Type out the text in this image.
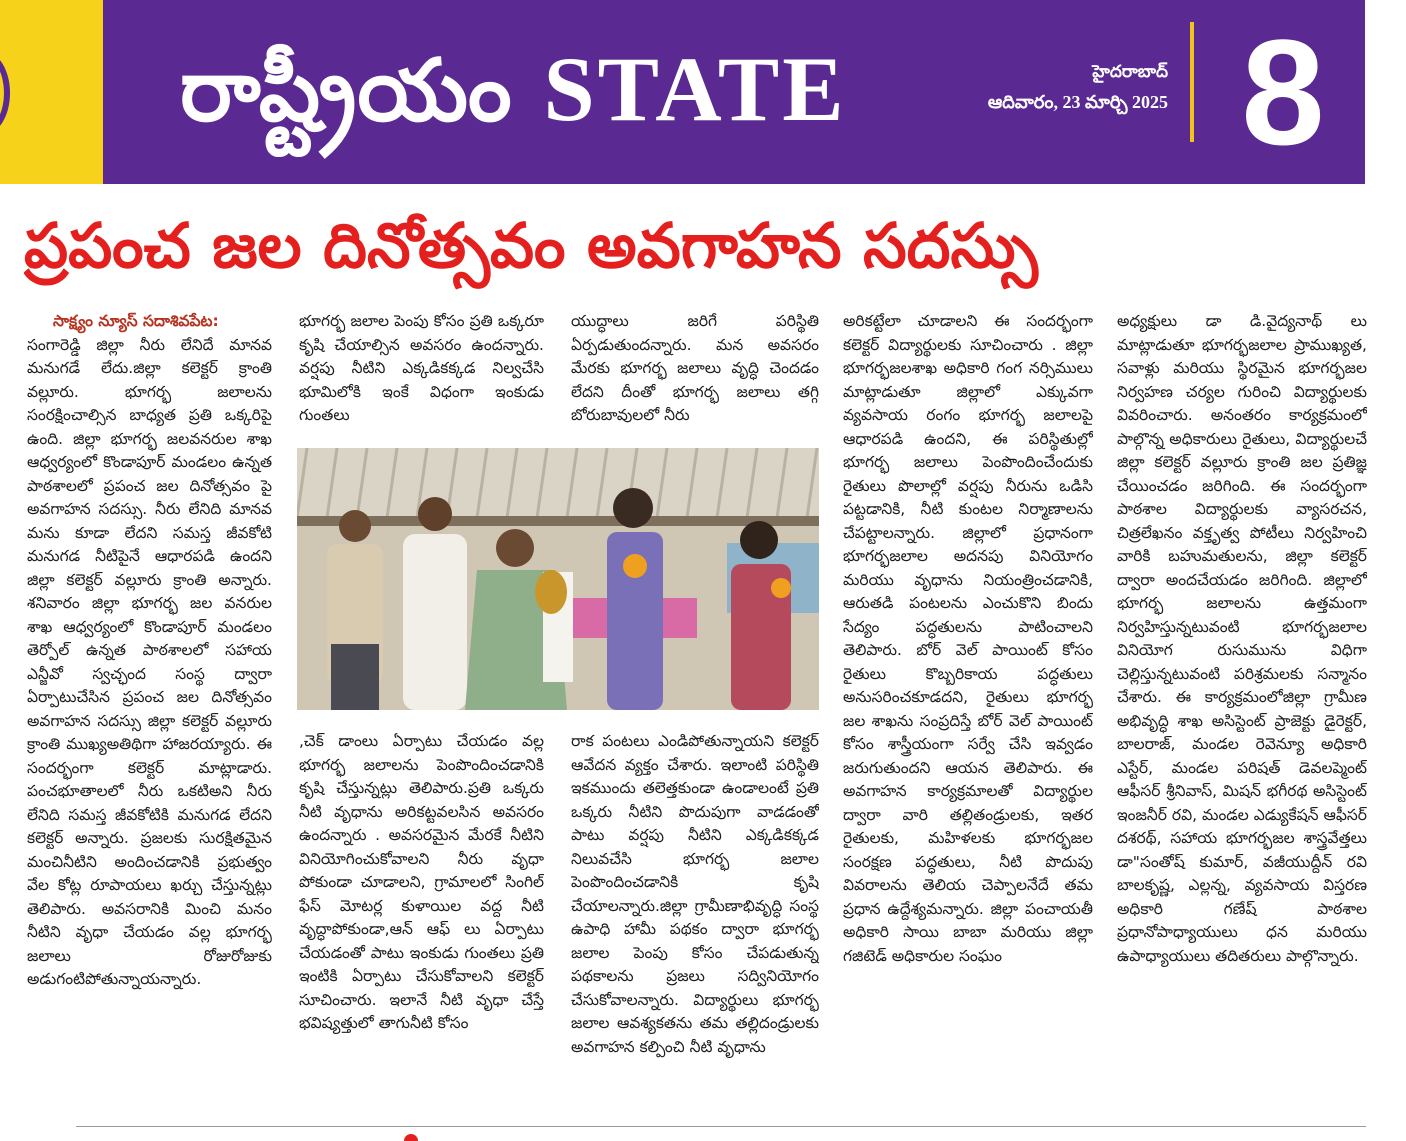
రాష్ట్రీయం STATE	హైదరాబాద్
ఆదివారం, 23 మార్చి 2025 8
ప్రపంచ జల దినోత్సవం అవగాహన సదస్సు
సాక్ష్యం న్యూస్ సదాశివపేట:
సంగారెడ్డి జిల్లా నీరు లేనిదే మానవ మనుగడే లేదు.జిల్లా కలెక్టర్ క్రాంతి వల్లూరు. భూగర్భ జలాలను సంరక్షించాల్సిన బాధ్యత ప్రతి ఒక్కరిపై ఉంది. జిల్లా భూగర్భ జలవనరుల శాఖ ఆధ్వర్యంలో కొండాపూర్ మండలం ఉన్నత పాఠశాలలో ప్రపంచ జల దినోత్సవం పై అవగాహన సదస్సు. నీరు లేనిది మానవ మను కూడా లేదని సమస్త జీవకోటి మనుగడ నీటిపైనే ఆధారపడి ఉందని జిల్లా కలెక్టర్ వల్లూరు క్రాంతి అన్నారు. శనివారం జిల్లా భూగర్భ జల వనరుల శాఖ ఆధ్వర్యంలో కొండాపూర్ మండలం తెర్పోల్ ఉన్నత పాఠశాలలో సహాయ ఎన్జీవో స్వచ్ఛంద సంస్థ ద్వారా ఏర్పాటుచేసిన ప్రపంచ జల దినోత్సవం అవగాహన సదస్సు జిల్లా కలెక్టర్ వల్లూరు క్రాంతి ముఖ్యఅతిథిగా హాజరయ్యారు. ఈ సందర్భంగా కలెక్టర్ మాట్లాడారు. పంచభూతాలలో నీరు ఒకటిఅని నీరు లేనిది సమస్త జీవకోటికి మనుగడ లేదని కలెక్టర్ అన్నారు. ప్రజలకు సురక్షితమైన మంచినీటిని అందించడానికి ప్రభుత్వం వేల కోట్ల రూపాయలు ఖర్చు చేస్తున్నట్లు తెలిపారు. అవసరానికి మించి మనం నీటిని వృధా చేయడం వల్ల భూగర్భ జలాలు రోజురోజుకు అడుగంటిపోతున్నాయన్నారు.
భూగర్భ జలాల పెంపు కోసం ప్రతి ఒక్కరూ కృషి చేయాల్సిన అవసరం ఉందన్నారు. వర్షపు నీటిని ఎక్కడికక్కడ నిల్వచేసి భూమిలోకి ఇంకే విధంగా ఇంకుడు గుంతలు
యుద్ధాలు జరిగే పరిస్థితి ఏర్పడుతుందన్నారు. మన అవసరం మేరకు భూగర్భ జలాలు వృద్ధి చెందడం లేదని దీంతో భూగర్భ జలాలు తగ్గి బోరుబావులలో నీరు
,చెక్ డాంలు ఏర్పాటు చేయడం వల్ల భూగర్భ జలాలను పెంపొందించడానికి కృషి చేస్తున్నట్లు తెలిపారు.ప్రతి ఒక్కరు నీటి వృధాను అరికట్టవలసిన అవసరం ఉందన్నారు . అవసరమైన మేరకే నీటిని వినియోగించుకోవాలని నీరు వృధా పోకుండా చూడాలని, గ్రామాలలో సింగిల్ ఫేస్ మోటర్ల కుళాయిల వద్ద నీటి వృద్ధాపోకుండా,ఆన్ ఆఫ్ లు ఏర్పాటు చేయడంతో పాటు ఇంకుడు గుంతలు ప్రతి ఇంటికి ఏర్పాటు చేసుకోవాలని కలెక్టర్ సూచించారు. ఇలానే నీటి వృధా చేస్తే భవిష్యత్తులో తాగునీటి కోసం
రాక పంటలు ఎండిపోతున్నాయని కలెక్టర్ ఆవేదన వ్యక్తం చేశారు. ఇలాంటి పరిస్థితి ఇకముందు తలెత్తకుండా ఉండాలంటే ప్రతి ఒక్కరు నీటిని పొదుపుగా వాడడంతో పాటు వర్షపు నీటిని ఎక్కడికక్కడ నిలువచేసి భూగర్భ జలాల పెంపొందించడానికి కృషి చేయాలన్నారు.జిల్లా గ్రామీణాభివృద్ధి సంస్థ ఉపాధి హామీ పథకం ద్వారా భూగర్భ జలాల పెంపు కోసం చేపడుతున్న పథకాలను ప్రజలు సద్వినియోగం చేసుకోవాలన్నారు. విద్యార్థులు భూగర్భ జలాల ఆవశ్యకతను తమ తల్లిదండ్రులకు అవగాహన కల్పించి నీటి వృధాను
అరికట్టేలా చూడాలని ఈ సందర్భంగా కలెక్టర్ విద్యార్థులకు సూచించారు . జిల్లా భూగర్భజలశాఖ అధికారి గంగ నర్సిములు మాట్లాడుతూ జిల్లాలో ఎక్కువగా వ్యవసాయ రంగం భూగర్భ జలాలపై ఆధారపడి ఉందని, ఈ పరిస్థితుల్లో భూగర్భ జలాలు పెంపొందించేందుకు రైతులు పొలాల్లో వర్షపు నీరును ఒడిసి పట్టడానికి, నీటి కుంటల నిర్మాణాలను చేపట్టాలన్నారు. జిల్లాలో ప్రధానంగా భూగర్భజలాల అదనపు వినియోగం మరియు వృధాను నియంత్రించడానికి, ఆరుతడి పంటలను ఎంచుకొని బిందు సేద్యం పద్ధతులను పాటించాలని తెలిపారు. బోర్ వెల్ పాయింట్ కోసం రైతులు కొబ్బరికాయ పద్ధతులు అనుసరించకూడదని, రైతులు భూగర్భ జల శాఖను సంప్రదిస్తే బోర్ వెల్ పాయింట్ కోసం శాస్త్రీయంగా సర్వే చేసి ఇవ్వడం జరుగుతుందని ఆయన తెలిపారు. ఈ అవగాహన కార్యక్రమాలతో విద్యార్థుల ద్వారా వారి తల్లితండ్రులకు, ఇతర రైతులకు, మహిళలకు భూగర్భజల సంరక్షణ పద్ధతులు, నీటి పొదుపు వివరాలను తెలియ చెప్పాలనేదే తమ ప్రధాన ఉద్దేశ్యమన్నారు. జిల్లా పంచాయతీ అధికారి సాయి బాబా మరియు జిల్లా గజిటెడ్ అధికారుల సంఘం
అధ్యక్షులు డా డి.వైద్యనాథ్ లు మాట్లాడుతూ భూగర్భజలాల ప్రాముఖ్యత, సవాళ్లు మరియు స్థిరమైన భూగర్భజల నిర్వహణ చర్యల గురించి విద్యార్థులకు వివరించారు. అనంతరం కార్యక్రమంలో పాల్గొన్న అధికారులు రైతులు, విద్యార్థులచే జిల్లా కలెక్టర్ వల్లూరు క్రాంతి జల ప్రతిజ్ఞ చేయించడం జరిగింది. ఈ సందర్భంగా పాఠశాల విద్యార్థులకు వ్యాసరచన, చిత్రలేఖనం వక్తృత్వ పోటీలు నిర్వహించి వారికి బహుమతులను, జిల్లా కలెక్టర్ ద్వారా అందచేయడం జరిగింది. జిల్లాలో భూగర్భ జలాలను ఉత్తమంగా నిర్వహిస్తున్నటువంటి భూగర్భజలాల వినియోగ రుసుమును విధిగా చెల్లిస్తున్నటువంటి పరిశ్రమలకు సన్మానం చేశారు. ఈ కార్యక్రమంలోజిల్లా గ్రామీణ అభివృద్ధి శాఖ అసిస్టెంట్ ప్రాజెక్టు డైరెక్టర్, బాలరాజ్, మండల రెవెన్యూ అధికారి ఎస్టేర్, మండల పరిషత్ డెవలప్మెంట్ ఆఫీసర్ శ్రీనివాస్, మిషన్ భగీరథ అసిస్టెంట్ ఇంజనీర్ రవి, మండల ఎడ్యుకేషన్ ఆఫీసర్ దశరథ్, సహాయ భూగర్భజల శాస్త్రవేత్తలు డా"సంతోష్ కుమార్, వజీయుద్దీన్ రవి బాలకృష్ణ, ఎల్లన్న, వ్యవసాయ విస్తరణ అధికారి గణేష్ పాఠశాల ప్రధానోపాధ్యాయులు ధన మరియు ఉపాధ్యాయులు తదితరులు పాల్గొన్నారు.
